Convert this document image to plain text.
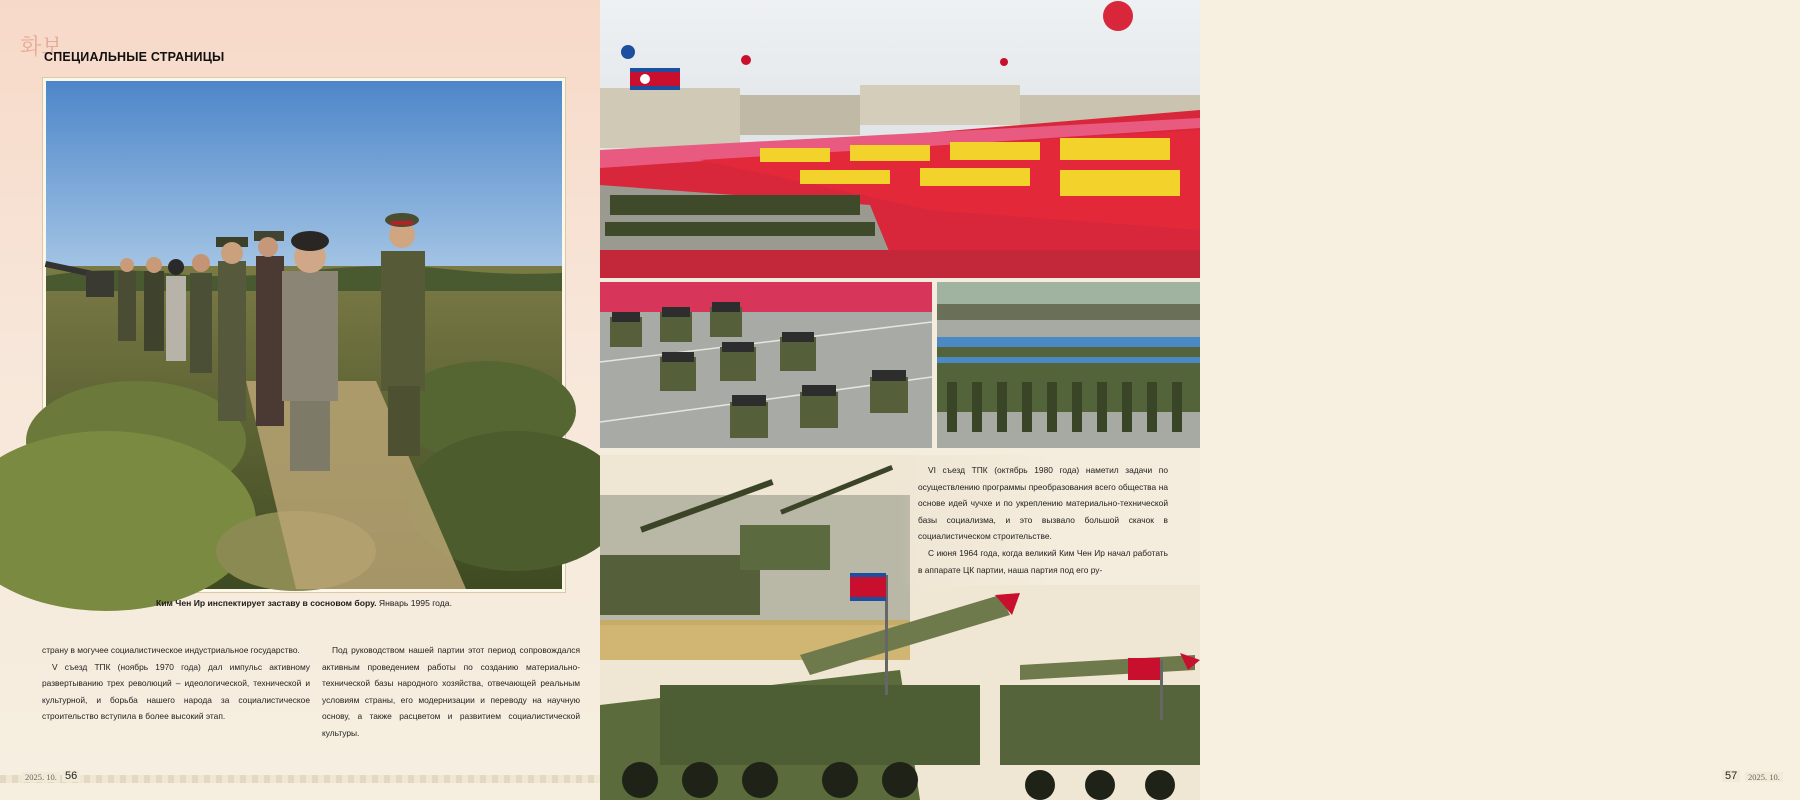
화보
СПЕЦИАЛЬНЫЕ СТРАНИЦЫ
Ким Чен Ир инспектирует заставу в сосновом бору. Январь 1995 года.

страну в могучее социалистическое индустриальное государство.

V съезд ТПК (ноябрь 1970 года) дал импульс активному развертыванию трех революций – идеологической, технической и культурной, и борьба нашего народа за социалистическое строительство вступила в более высокий этап.

Под руководством нашей партии этот период сопровождался активным проведением работы по созданию материально-технической базы народного хозяйства, отвечающей реальным условиям страны, его модернизации и переводу на научную основу, а также расцветом и развитием социалистической культуры.

2025. 10. 56

VI съезд ТПК (октябрь 1980 года) наметил задачи по осуществлению программы преобразования всего общества на основе идей чучхе и по укреплению материально-технической базы социализма, и это вызвало большой скачок в социалистическом строительстве.

С июня 1964 года, когда великий Ким Чен Ир начал работать в аппарате ЦК партии, наша партия под его ру-

57	2025. 10.
